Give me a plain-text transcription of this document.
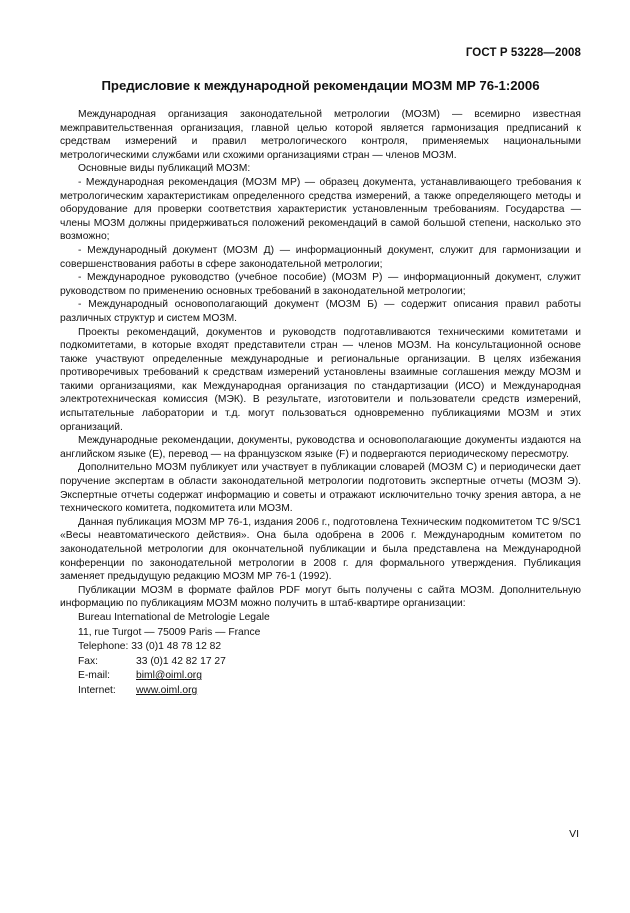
ГОСТ Р 53228—2008
Предисловие к международной рекомендации МОЗМ МР 76-1:2006

Международная организация законодательной метрологии (МОЗМ) — всемирно известная межправительственная организация, главной целью которой является гармонизация предписаний к средствам измерений и правил метрологического контроля, применяемых национальными метрологическими службами или схожими организациями стран — членов МОЗМ.

Основные виды публикаций МОЗМ:

- Международная рекомендация (МОЗМ МР) — образец документа, устанавливающего требования к метрологическим характеристикам определенного средства измерений, а также определяющего методы и оборудование для проверки соответствия характеристик установленным требованиям. Государства — члены МОЗМ должны придерживаться положений рекомендаций в самой большой степени, насколько это возможно;

- Международный документ (МОЗМ Д) — информационный документ, служит для гармонизации и совершенствования работы в сфере законодательной метрологии;

- Международное руководство (учебное пособие) (МОЗМ Р) — информационный документ, служит руководством по применению основных требований в законодательной метрологии;

- Международный основополагающий документ (МОЗМ Б) — содержит описания правил работы различных структур и систем МОЗМ.

Проекты рекомендаций, документов и руководств подготавливаются техническими комитетами и подкомитетами, в которые входят представители стран — членов МОЗМ. На консультационной основе также участвуют определенные международные и региональные организации. В целях избежания противоречивых требований к средствам измерений установлены взаимные соглашения между МОЗМ и такими организациями, как Международная организация по стандартизации (ИСО) и Международная электротехническая комиссия (МЭК). В результате, изготовители и пользователи средств измерений, испытательные лаборатории и т.д. могут пользоваться одновременно публикациями МОЗМ и этих организаций.

Международные рекомендации, документы, руководства и основополагающие документы издаются на английском языке (E), перевод — на французском языке (F) и подвергаются периодическому пересмотру.

Дополнительно МОЗМ публикует или участвует в публикации словарей (МОЗМ С) и периодически дает поручение экспертам в области законодательной метрологии подготовить экспертные отчеты (МОЗМ Э). Экспертные отчеты содержат информацию и советы и отражают исключительно точку зрения автора, а не технического комитета, подкомитета или МОЗМ.

Данная публикация МОЗМ МР 76-1, издания 2006 г., подготовлена Техническим подкомитетом ТС 9/SC1 «Весы неавтоматического действия». Она была одобрена в 2006 г. Международным комитетом по законодательной метрологии для окончательной публикации и была представлена на Международной конференции по законодательной метрологии в 2008 г. для формального утверждения. Публикация заменяет предыдущую редакцию МОЗМ МР 76-1 (1992).

Публикации МОЗМ в формате файлов PDF могут быть получены с сайта МОЗМ. Дополнительную информацию по публикациям МОЗМ можно получить в штаб-квартире организации:

Bureau International de Metrologie Legale
11, rue Turgot — 75009 Paris — France
Telephone: 33 (0)1 48 78 12 82
Fax:	33 (0)1 42 82 17 27
E-mail:	biml@oiml.org
Internet:	www.oiml.org
VI
